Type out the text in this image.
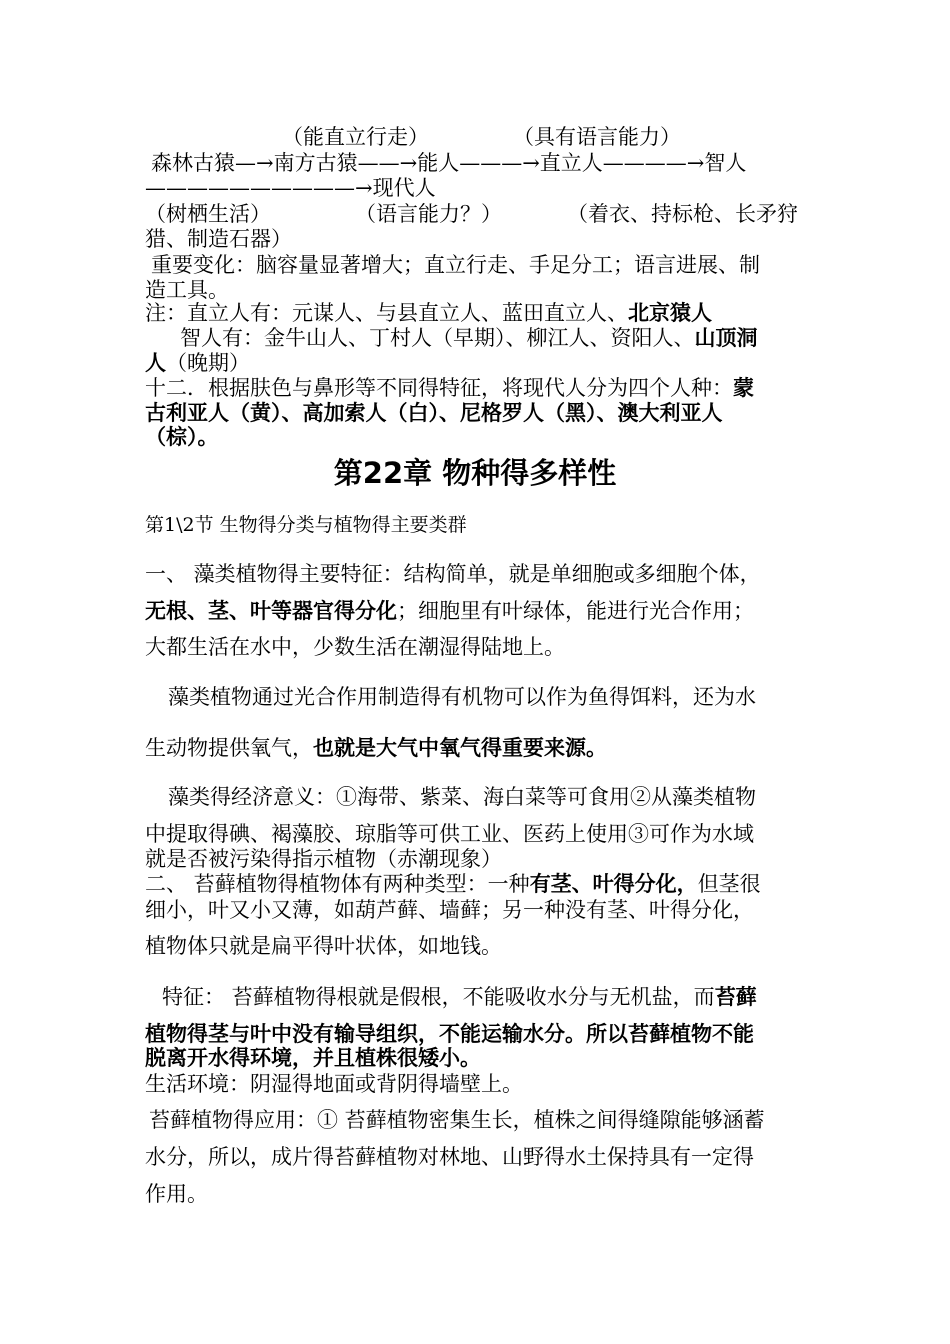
（能直立行走）	（具有语言能力）
森林古猿—→南方古猿——→能人———→直立人————→智人
——————————→现代人
（树栖生活）	（语言能力？）	（着衣、持标枪、长矛狩
猎、制造石器）
重要变化：脑容量显著增大；直立行走、手足分工；语言进展、制
造工具。
注：直立人有：元谋人、与县直立人、蓝田直立人、北京猿人
智人有：金牛山人、丁村人（早期）、柳江人、资阳人、山顶洞
人（晚期）
十二．根据肤色与鼻形等不同得特征，将现代人分为四个人种：蒙
古利亚人（黄）、高加索人（白）、尼格罗人（黑）、澳大利亚人
（棕）。
第22章 物种得多样性
第1\2节 生物得分类与植物得主要类群
一、 藻类植物得主要特征：结构简单，就是单细胞或多细胞个体，
无根、茎、叶等器官得分化；细胞里有叶绿体，能进行光合作用；
大都生活在水中，少数生活在潮湿得陆地上。
藻类植物通过光合作用制造得有机物可以作为鱼得饵料，还为水
生动物提供氧气，也就是大气中氧气得重要来源。
藻类得经济意义：①海带、紫菜、海白菜等可食用②从藻类植物
中提取得碘、褐藻胶、琼脂等可供工业、医药上使用③可作为水域
就是否被污染得指示植物（赤潮现象）
二、 苔藓植物得植物体有两种类型：一种有茎、叶得分化，但茎很
细小，叶又小又薄，如葫芦藓、墙藓；另一种没有茎、叶得分化，
植物体只就是扁平得叶状体，如地钱。
特征： 苔藓植物得根就是假根，不能吸收水分与无机盐，而苔藓
植物得茎与叶中没有输导组织，不能运输水分。所以苔藓植物不能
脱离开水得环境，并且植株很矮小。
生活环境：阴湿得地面或背阴得墙壁上。
苔藓植物得应用：① 苔藓植物密集生长，植株之间得缝隙能够涵蓄
水分，所以，成片得苔藓植物对林地、山野得水土保持具有一定得
作用。
